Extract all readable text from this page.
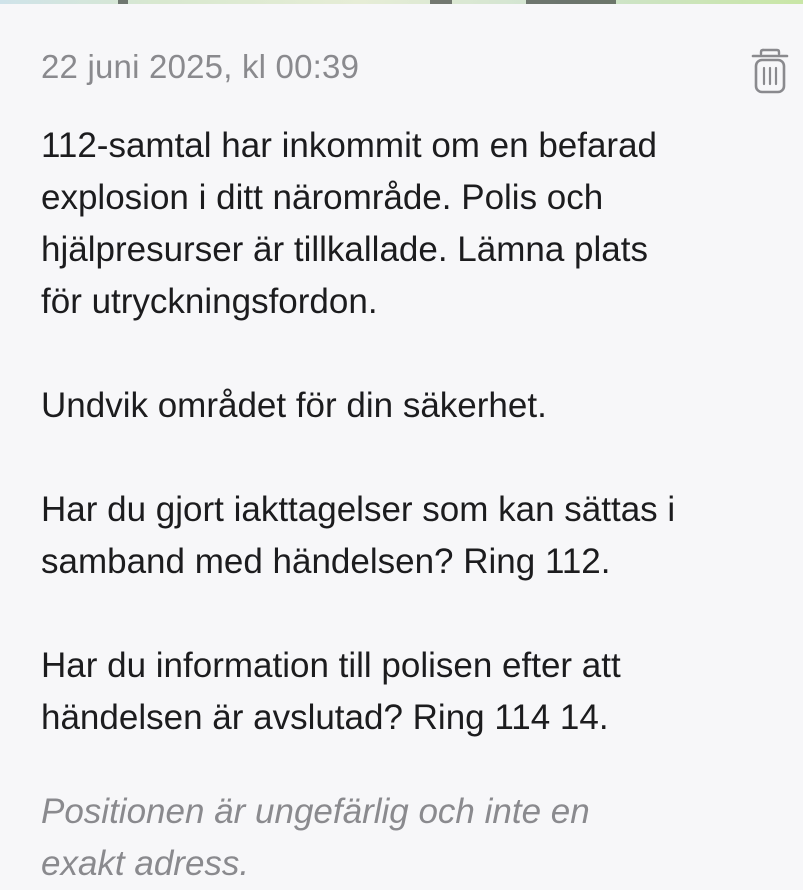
22 juni 2025, kl 00:39

112-samtal har inkommit om en befarad
explosion i ditt närområde. Polis och
hjälpresurser är tillkallade. Lämna plats
för utryckningsfordon.

Undvik området för din säkerhet.

Har du gjort iakttagelser som kan sättas i
samband med händelsen? Ring 112.

Har du information till polisen efter att
händelsen är avslutad? Ring 114 14.

Positionen är ungefärlig och inte en
exakt adress.
